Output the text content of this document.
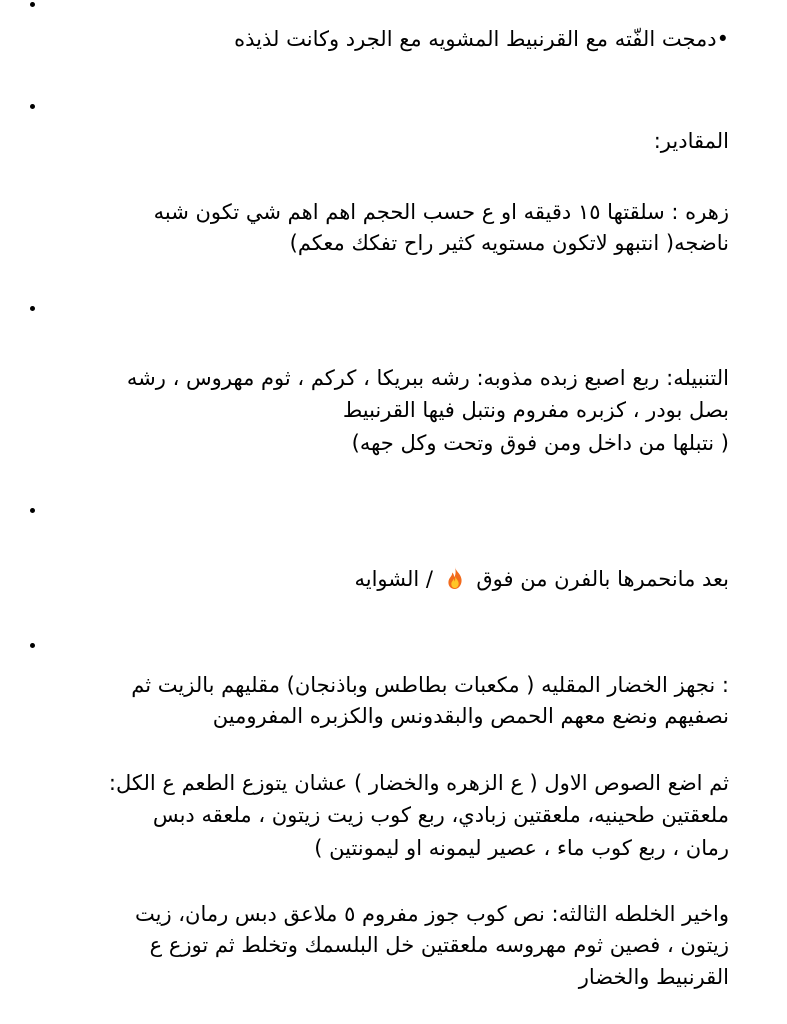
•دمجت الفّته مع القرنبيط المشويه مع الجرد وكانت لذيذه
المقادير:
زهره : سلقتها ١٥ دقيقه او ع حسب الحجم اهم اهم شي تكون شبه
ناضجه( انتبهو لاتكون مستويه كثير راح تفكك معكم)
التنبيله: ربع اصبع زبده مذوبه: رشه ببريكا ، كركم ، ثوم مهروس ، رشه
بصل بودر ، كزبره مفروم ونتبل فيها القرنبيط
( نتبلها من داخل ومن فوق وتحت وكل جهه)
بعد مانحمرها بالفرن من فوق  / الشوايه
: نجهز الخضار المقليه ( مكعبات بطاطس وباذنجان) مقليهم بالزيت ثم
نصفيهم ونضع معهم الحمص والبقدونس والكزبره المفرومين
ثم اضع الصوص الاول ( ع الزهره والخضار ) عشان يتوزع الطعم ع الكل:
ملعقتين طحينيه، ملعقتين زبادي، ربع كوب زيت زيتون ، ملعقه دبس
رمان ، ربع كوب ماء ، عصير ليمونه او ليمونتين )
واخير الخلطه الثالثه: نص كوب جوز مفروم ٥ ملاعق دبس رمان، زيت
زيتون ، فصين ثوم مهروسه ملعقتين خل البلسمك وتخلط ثم توزع ع
القرنبيط والخضار
